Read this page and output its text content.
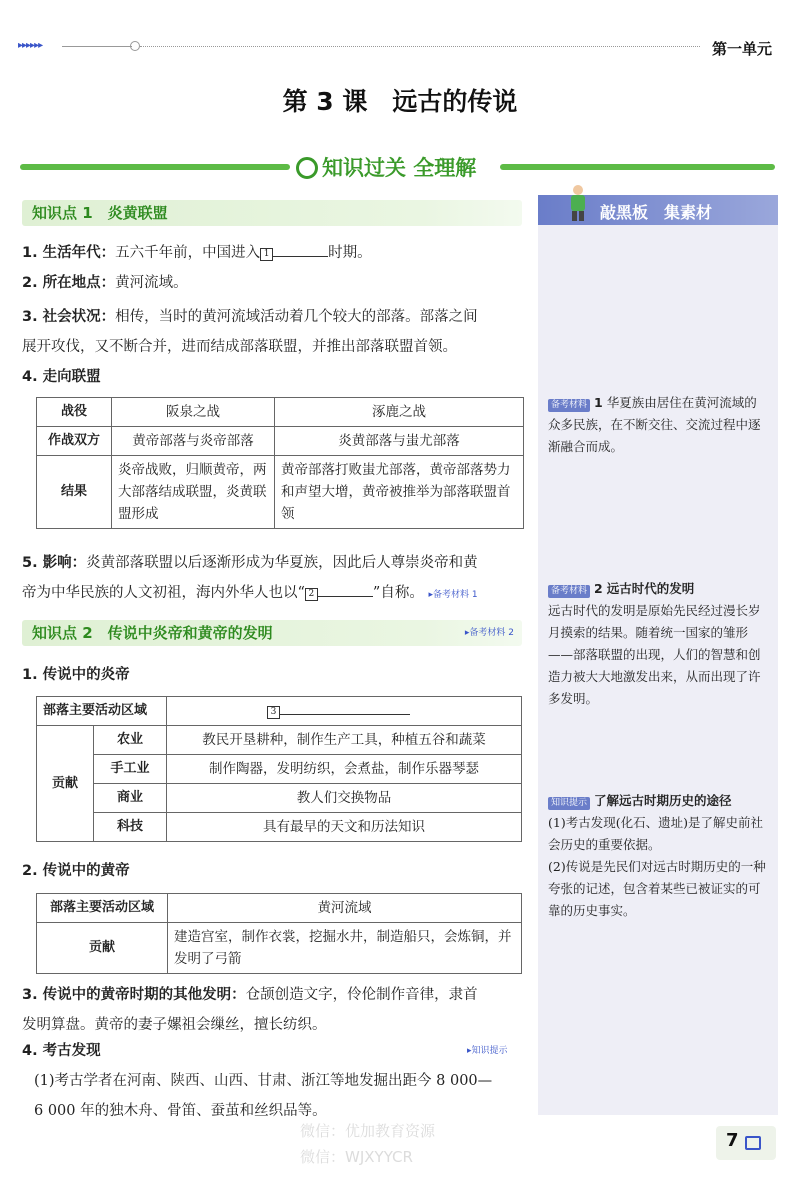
▸▸▸▸▸▸	第一单元
第 3 课　远古的传说
知识过关 全理解
知识点 1　炎黄联盟
1. 生活年代：五六千年前，中国进入 1	时期。
2. 所在地点：黄河流域。
3. 社会状况：相传，当时的黄河流域活动着几个较大的部落。部落之间
展开攻伐，又不断合并，进而结成部落联盟，并推出部落联盟首领。
4. 走向联盟
战役	阪泉之战	涿鹿之战
作战双方	黄帝部落与炎帝部落	炎黄部落与蚩尤部落
结果	炎帝战败，归顺黄帝，两大部落结成联盟，炎黄联盟形成	黄帝部落打败蚩尤部落，黄帝部落势力和声望大增，黄帝被推举为部落联盟首领
5. 影响：炎黄部落联盟以后逐渐形成为华夏族，因此后人尊崇炎帝和黄
帝为中华民族的人文初祖，海内外华人也以“ 2	”自称。 ▸备考材料 1
知识点 2　传说中炎帝和黄帝的发明	▸备考材料 2
1. 传说中的炎帝
部落主要活动区域		3
贡献	农业	教民开垦耕种，制作生产工具，种植五谷和蔬菜
	手工业	制作陶器，发明纺织，会煮盐，制作乐器琴瑟
	商业	教人们交换物品
	科技	具有最早的天文和历法知识
2. 传说中的黄帝
部落主要活动区域	黄河流域
贡献	建造宫室，制作衣裳，挖掘水井，制造船只，会炼铜，并发明了弓箭
3. 传说中的黄帝时期的其他发明：仓颉创造文字，伶伦制作音律，隶首
发明算盘。黄帝的妻子嫘祖会缫丝，擅长纺织。
4. 考古发现	▸知识提示
(1)考古学者在河南、陕西、山西、甘肃、浙江等地发掘出距今 8 000—
6 000 年的独木舟、骨笛、蚕茧和丝织品等。
敲黑板　集素材
备考材料 1 华夏族由居住在黄河流域的众多民族，在不断交往、交流过程中逐渐融合而成。
备考材料 2 远古时代的发明
远古时代的发明是原始先民经过漫长岁月摸索的结果。随着统一国家的雏形——部落联盟的出现，人们的智慧和创造力被大大地激发出来，从而出现了许多发明。
知识提示 了解远古时期历史的途径
(1)考古发现(化石、遗址)是了解史前社会历史的重要依据。
(2)传说是先民们对远古时期历史的一种夸张的记述，包含着某些已被证实的可靠的历史事实。
微信：优加教育资源
微信：WJXYYCR
7
